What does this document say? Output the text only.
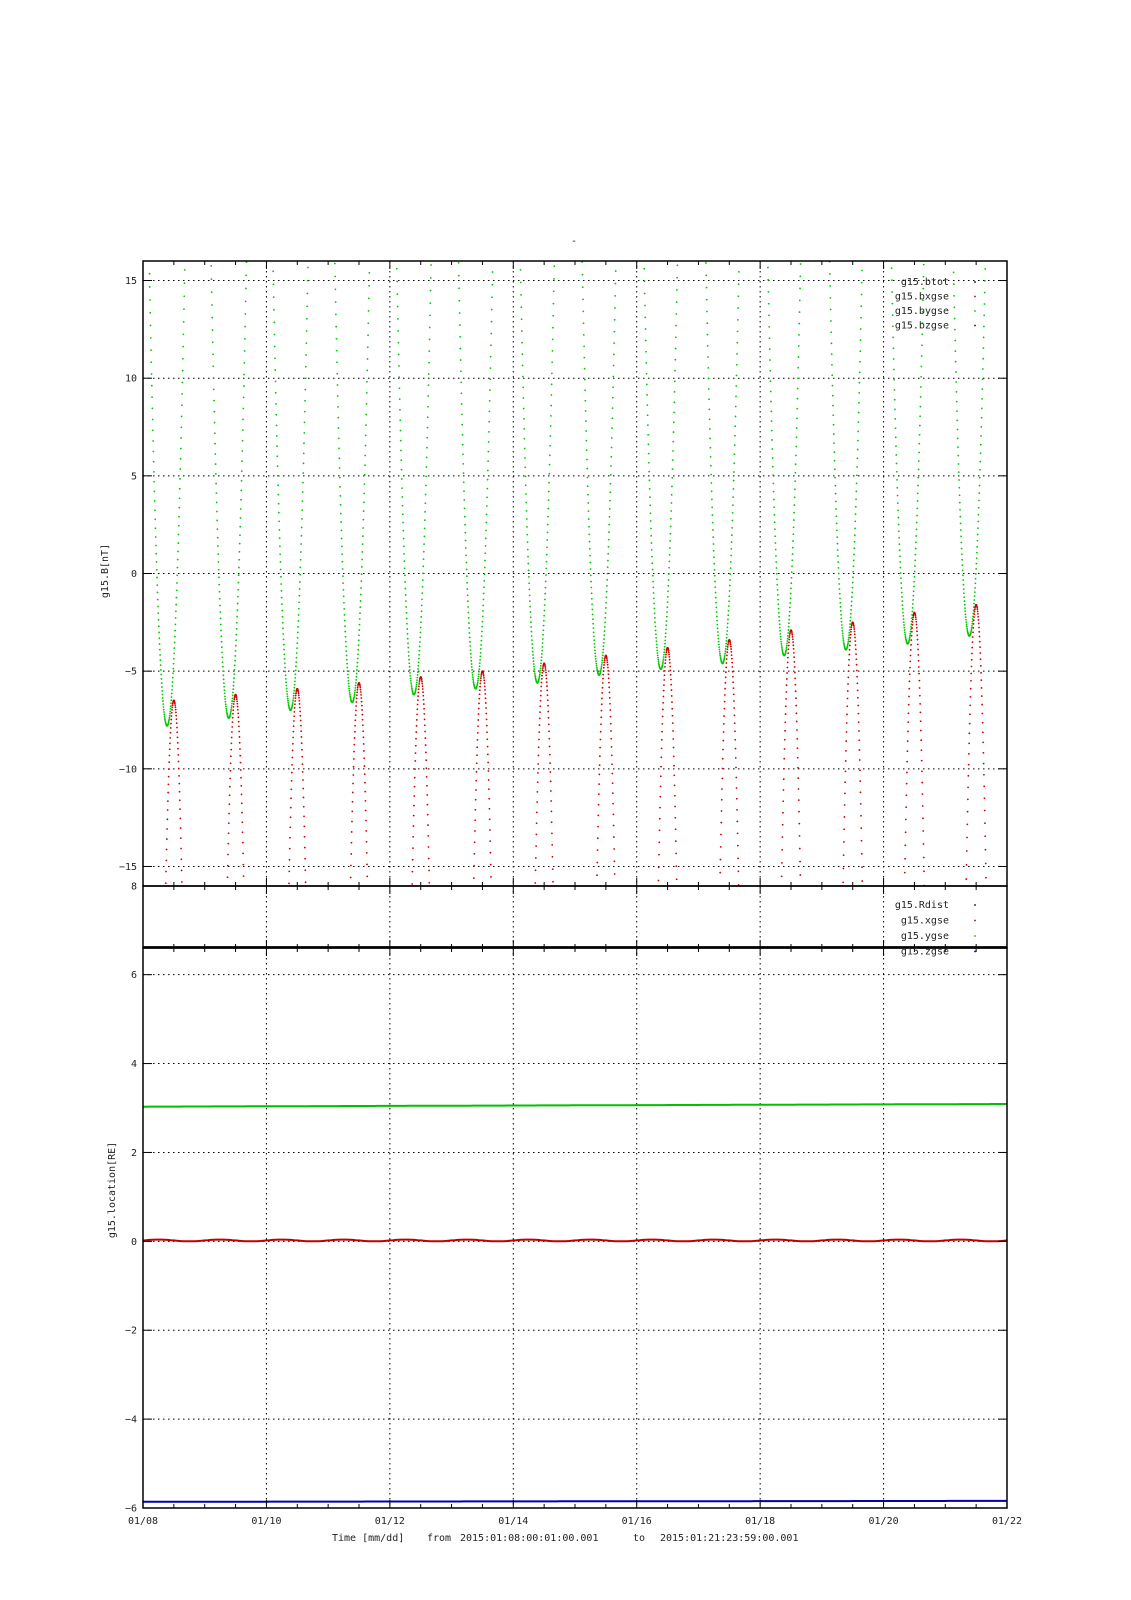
-
−15
−10
−5
0
5
10
15
8
−6
−4
−2
0
2
4
6
01/08	01/10	01/12	01/14	01/16	01/18	01/20	01/22
g15.btot
g15.bxgse
g15.bygse
g15.bzgse
g15.Rdist
g15.xgse
g15.ygse
g15.zgse
g15.B[nT]
g15.location[RE]
Time [mm/dd] from 2015:01:08:00:01:00.001	to 2015:01:21:23:59:00.001
